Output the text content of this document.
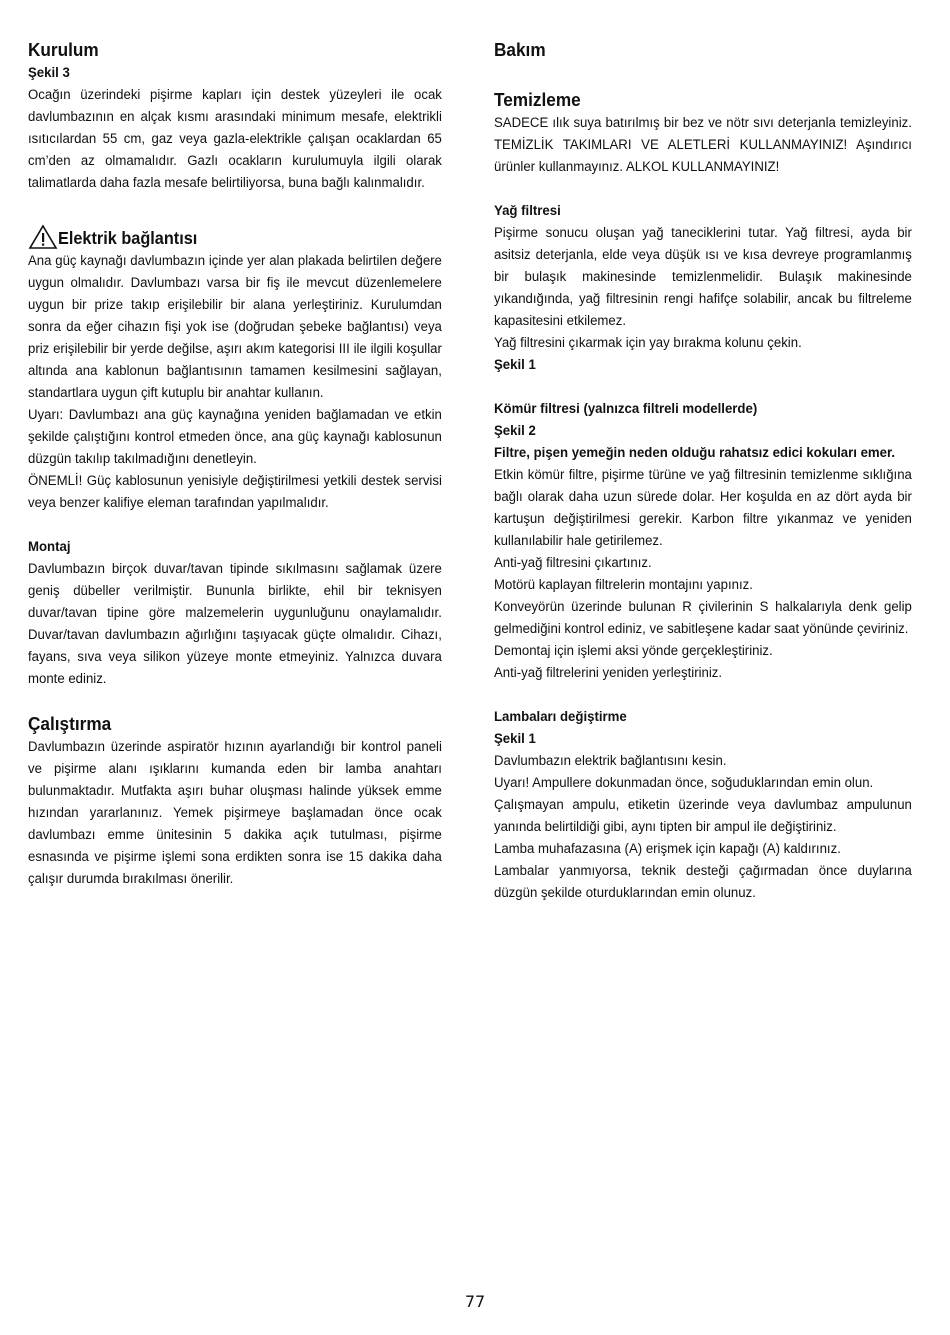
Kurulum
Şekil 3
Ocağın üzerindeki pişirme kapları için destek yüzeyleri ile ocak davlumbazının en alçak kısmı arasındaki minimum mesafe, elektrikli ısıtıcılardan 55 cm, gaz veya gazla-elektrikle çalışan ocaklardan 65 cm’den az olmamalıdır. Gazlı ocakların kurulumuyla ilgili olarak talimatlarda daha fazla mesafe belirtiliyorsa, buna bağlı kalınmalıdır.
Elektrik bağlantısı
Ana güç kaynağı davlumbazın içinde yer alan plakada belirtilen değere uygun olmalıdır. Davlumbazı varsa bir fiş ile mevcut düzenlemelere uygun bir prize takıp erişilebilir bir alana yerleştiriniz. Kurulumdan sonra da eğer cihazın fişi yok ise (doğrudan şebeke bağlantısı) veya priz erişilebilir bir yerde değilse, aşırı akım kategorisi III ile ilgili koşullar altında ana kablonun bağlantısının tamamen kesilmesini sağlayan, standartlara uygun çift kutuplu bir anahtar kullanın.
Uyarı: Davlumbazı ana güç kaynağına yeniden bağlamadan ve etkin şekilde çalıştığını kontrol etmeden önce, ana güç kaynağı kablosunun düzgün takılıp takılmadığını denetleyin.
ÖNEMLİ! Güç kablosunun yenisiyle değiştirilmesi yetkili destek servisi veya benzer kalifiye eleman tarafından yapılmalıdır.
Montaj
Davlumbazın birçok duvar/tavan tipinde sıkılmasını sağlamak üzere geniş dübeller verilmiştir. Bununla birlikte, ehil bir teknisyen duvar/tavan tipine göre malzemelerin uygunluğunu onaylamalıdır. Duvar/tavan davlumbazın ağırlığını taşıyacak güçte olmalıdır. Cihazı, fayans, sıva veya silikon yüzeye monte etmeyiniz. Yalnızca duvara monte ediniz.
Çalıştırma
Davlumbazın üzerinde aspiratör hızının ayarlandığı bir kontrol paneli ve pişirme alanı ışıklarını kumanda eden bir lamba anahtarı bulunmaktadır. Mutfakta aşırı buhar oluşması halinde yüksek emme hızından yararlanınız. Yemek pişirmeye başlamadan önce ocak davlumbazı emme ünitesinin 5 dakika açık tutulması, pişirme esnasında ve pişirme işlemi sona erdikten sonra ise 15 dakika daha çalışır durumda bırakılması önerilir.
Bakım
Temizleme
SADECE ılık suya batırılmış bir bez ve nötr sıvı deterjanla temizleyiniz. TEMİZLİK TAKIMLARI VE ALETLERİ KULLANMAYINIZ! Aşındırıcı ürünler kullanmayınız. ALKOL KULLANMAYINIZ!
Yağ filtresi
Pişirme sonucu oluşan yağ taneciklerini tutar. Yağ filtresi, ayda bir asitsiz deterjanla, elde veya düşük ısı ve kısa devreye programlanmış bir bulaşık makinesinde temizlenmelidir. Bulaşık makinesinde yıkandığında, yağ filtresinin rengi hafifçe solabilir, ancak bu filtreleme kapasitesini etkilemez.
Yağ filtresini çıkarmak için yay bırakma kolunu çekin.
Şekil 1
Kömür filtresi (yalnızca filtreli modellerde)
Şekil 2
Filtre, pişen yemeğin neden olduğu rahatsız edici kokuları emer.
Etkin kömür filtre, pişirme türüne ve yağ filtresinin temizlenme sıklığına bağlı olarak daha uzun sürede dolar. Her koşulda en az dört ayda bir kartuşun değiştirilmesi gerekir. Karbon filtre yıkanmaz ve yeniden kullanılabilir hale getirilemez.
Anti-yağ filtresini çıkartınız.
Motörü kaplayan filtrelerin montajını yapınız.
Konveyörün üzerinde bulunan R çivilerinin S halkalarıyla denk gelip gelmediğini kontrol ediniz, ve sabitleşene kadar saat yönünde çeviriniz.
Demontaj için işlemi aksi yönde gerçekleştiriniz.
Anti-yağ filtrelerini yeniden yerleştiriniz.
Lambaları değiştirme
Şekil 1
Davlumbazın elektrik bağlantısını kesin.
Uyarı! Ampullere dokunmadan önce, soğuduklarından emin olun.
Çalışmayan ampulu, etiketin üzerinde veya davlumbaz ampulunun yanında belirtildiği gibi, aynı tipten bir ampul ile değiştiriniz.
Lamba muhafazasına (A) erişmek için kapağı (A) kaldırınız.
Lambalar yanmıyorsa, teknik desteği çağırmadan önce duylarına düzgün şekilde oturduklarından emin olunuz.
77
